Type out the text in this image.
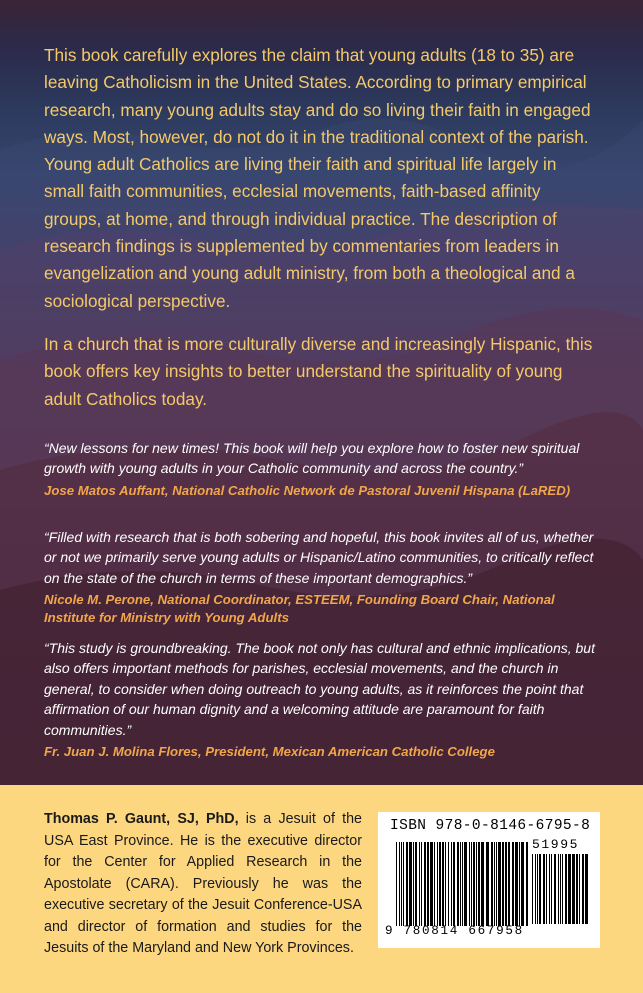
This book carefully explores the claim that young adults (18 to 35) are leaving Catholicism in the United States. According to primary empirical research, many young adults stay and do so living their faith in engaged ways. Most, however, do not do it in the traditional context of the parish. Young adult Catholics are living their faith and spiritual life largely in small faith communities, ecclesial movements, faith-based affinity groups, at home, and through individual practice. The description of research findings is supplemented by commentaries from leaders in evangelization and young adult ministry, from both a theological and a sociological perspective.

In a church that is more culturally diverse and increasingly Hispanic, this book offers key insights to better understand the spirituality of young adult Catholics today.

“New lessons for new times! This book will help you explore how to foster new spiritual growth with young adults in your Catholic community and across the country.”

Jose Matos Auffant, National Catholic Network de Pastoral Juvenil Hispana (LaRED)

“Filled with research that is both sobering and hopeful, this book invites all of us, whether or not we primarily serve young adults or Hispanic/Latino communities, to critically reflect on the state of the church in terms of these important demographics.”

Nicole M. Perone, National Coordinator, ESTEEM, Founding Board Chair, National Institute for Ministry with Young Adults

“This study is groundbreaking. The book not only has cultural and ethnic implications, but also offers important methods for parishes, ecclesial movements, and the church in general, to consider when doing outreach to young adults, as it reinforces the point that affirmation of our human dignity and a welcoming attitude are paramount for faith communities.”

Fr. Juan J. Molina Flores, President, Mexican American Catholic College

Thomas P. Gaunt, SJ, PhD, is a Jesuit of the USA East Province. He is the executive director for the Center for Applied Research in the Apostolate (CARA). Previously he was the executive secretary of the Jesuit Conference-USA and director of formation and studies for the Jesuits of the Maryland and New York Provinces.
ISBN 978-0-8146-6795-8
51995
9 780814 667958
